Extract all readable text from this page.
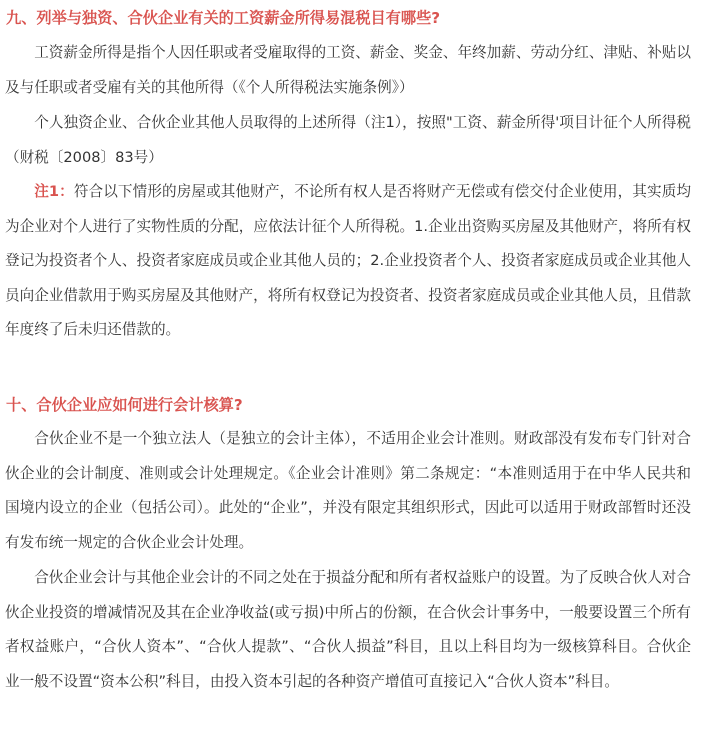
九、列举与独资、合伙企业有关的工资薪金所得易混税目有哪些?

工资薪金所得是指个人因任职或者受雇取得的工资、薪金、奖金、年终加薪、劳动分红、津贴、补贴以及与任职或者受雇有关的其他所得（《个人所得税法实施条例》）

个人独资企业、合伙企业其他人员取得的上述所得（注1），按照"工资、薪金所得'项目计征个人所得税（财税〔2008〕83号）

注1：符合以下情形的房屋或其他财产，不论所有权人是否将财产无偿或有偿交付企业使用，其实质均为企业对个人进行了实物性质的分配，应依法计征个人所得税。1.企业出资购买房屋及其他财产，将所有权登记为投资者个人、投资者家庭成员或企业其他人员的；2.企业投资者个人、投资者家庭成员或企业其他人员向企业借款用于购买房屋及其他财产，将所有权登记为投资者、投资者家庭成员或企业其他人员，且借款年度终了后未归还借款的。

十、合伙企业应如何进行会计核算?

合伙企业不是一个独立法人（是独立的会计主体），不适用企业会计准则。财政部没有发布专门针对合伙企业的会计制度、准则或会计处理规定。《企业会计准则》第二条规定：“本准则适用于在中华人民共和国境内设立的企业（包括公司）。此处的“企业”，并没有限定其组织形式，因此可以适用于财政部暂时还没有发布统一规定的合伙企业会计处理。

合伙企业会计与其他企业会计的不同之处在于损益分配和所有者权益账户的设置。为了反映合伙人对合伙企业投资的增减情况及其在企业净收益(或亏损)中所占的份额，在合伙会计事务中，一般要设置三个所有者权益账户，“合伙人资本”、“合伙人提款”、“合伙人损益”科目，且以上科目均为一级核算科目。合伙企业一般不设置“资本公积”科目，由投入资本引起的各种资产增值可直接记入“合伙人资本”科目。
